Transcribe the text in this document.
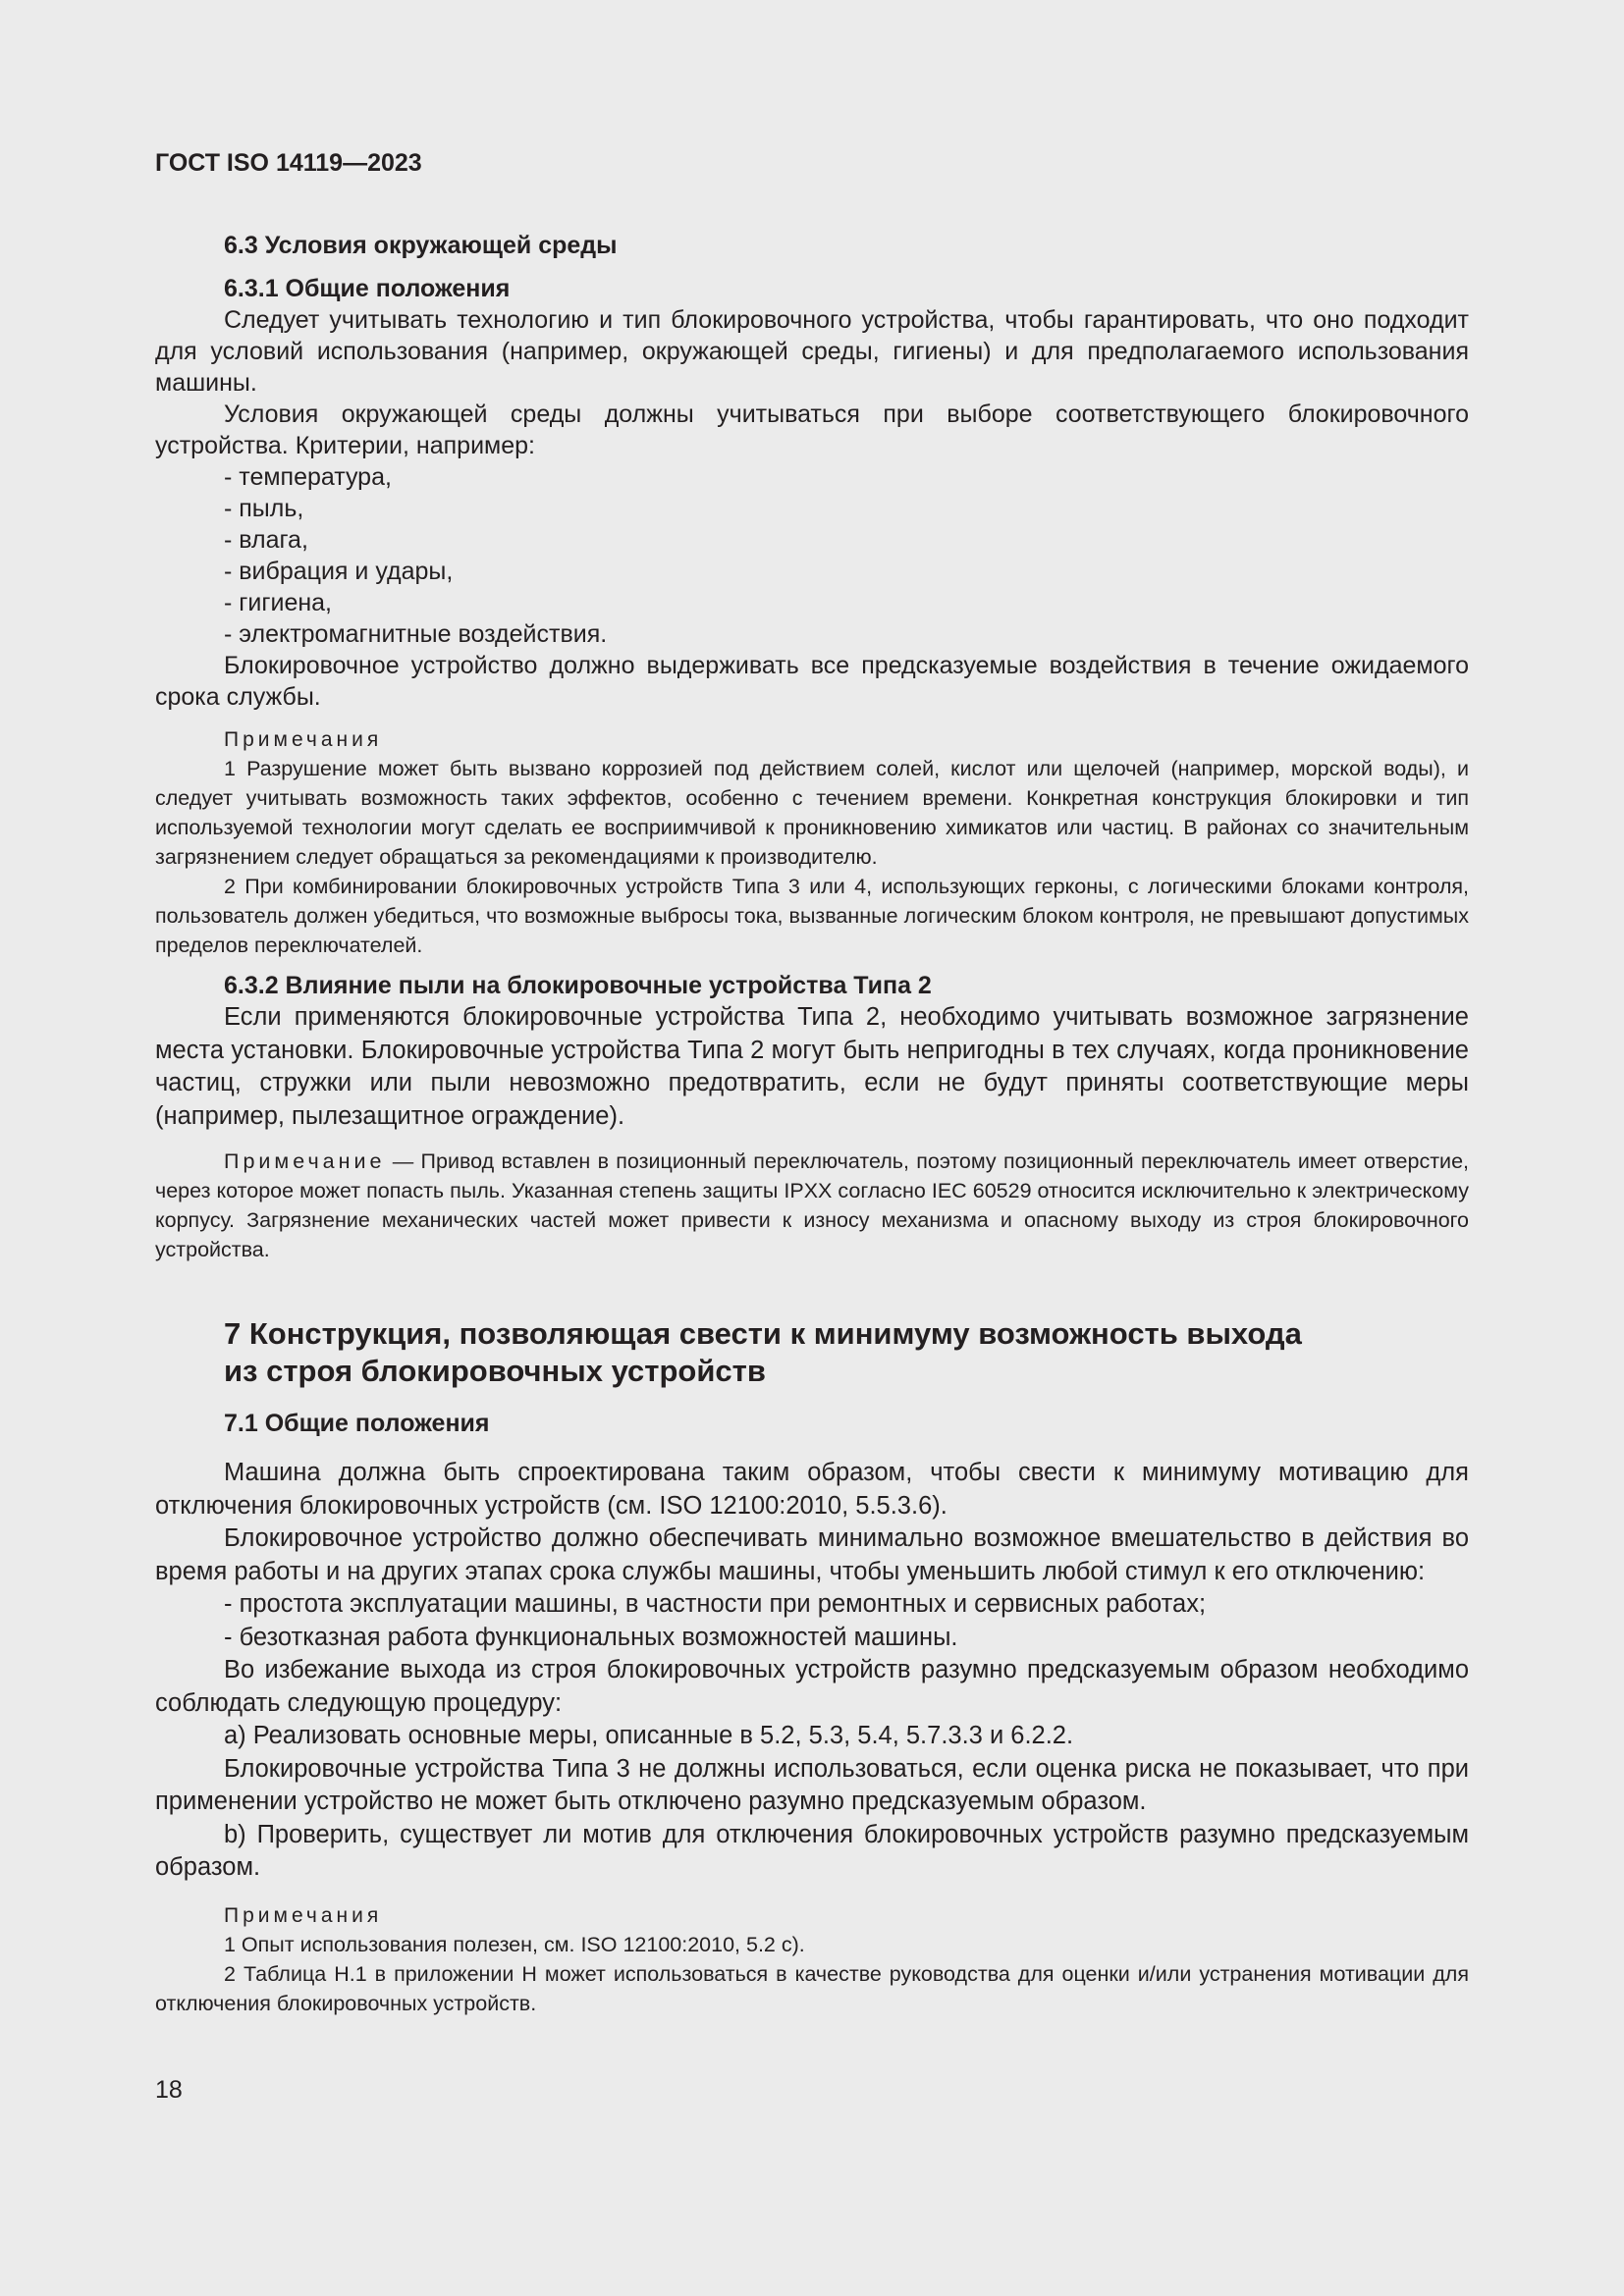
ГОСТ ISO 14119—2023
6.3 Условия окружающей среды
6.3.1 Общие положения

Следует учитывать технологию и тип блокировочного устройства, чтобы гарантировать, что оно подходит для условий использования (например, окружающей среды, гигиены) и для предполагаемого использования машины.

Условия окружающей среды должны учитываться при выборе соответствующего блокировочного устройства. Критерии, например:

- температура,

- пыль,

- влага,

- вибрация и удары,

- гигиена,

- электромагнитные воздействия.

Блокировочное устройство должно выдерживать все предсказуемые воздействия в течение ожидаемого срока службы.

Примечания

1 Разрушение может быть вызвано коррозией под действием солей, кислот или щелочей (например, морской воды), и следует учитывать возможность таких эффектов, особенно с течением времени. Конкретная конструкция блокировки и тип используемой технологии могут сделать ее восприимчивой к проникновению химикатов или частиц. В районах со значительным загрязнением следует обращаться за рекомендациями к производителю.

2 При комбинировании блокировочных устройств Типа 3 или 4, использующих герконы, с логическими блоками контроля, пользователь должен убедиться, что возможные выбросы тока, вызванные логическим блоком контроля, не превышают допустимых пределов переключателей.

6.3.2 Влияние пыли на блокировочные устройства Типа 2

Если применяются блокировочные устройства Типа 2, необходимо учитывать возможное загрязнение места установки. Блокировочные устройства Типа 2 могут быть непригодны в тех случаях, когда проникновение частиц, стружки или пыли невозможно предотвратить, если не будут приняты соответствующие меры (например, пылезащитное ограждение).

Примечание — Привод вставлен в позиционный переключатель, поэтому позиционный переключатель имеет отверстие, через которое может попасть пыль. Указанная степень защиты IPXX согласно IEC 60529 относится исключительно к электрическому корпусу. Загрязнение механических частей может привести к износу механизма и опасному выходу из строя блокировочного устройства.

7 Конструкция, позволяющая свести к минимуму возможность выхода
из строя блокировочных устройств
7.1 Общие положения

Машина должна быть спроектирована таким образом, чтобы свести к минимуму мотивацию для отключения блокировочных устройств (см. ISO 12100:2010, 5.5.3.6).

Блокировочное устройство должно обеспечивать минимально возможное вмешательство в действия во время работы и на других этапах срока службы машины, чтобы уменьшить любой стимул к его отключению:

- простота эксплуатации машины, в частности при ремонтных и сервисных работах;

- безотказная работа функциональных возможностей машины.

Во избежание выхода из строя блокировочных устройств разумно предсказуемым образом необходимо соблюдать следующую процедуру:

a) Реализовать основные меры, описанные в 5.2, 5.3, 5.4, 5.7.3.3 и 6.2.2.

Блокировочные устройства Типа 3 не должны использоваться, если оценка риска не показывает, что при применении устройство не может быть отключено разумно предсказуемым образом.

b) Проверить, существует ли мотив для отключения блокировочных устройств разумно предсказуемым образом.

Примечания

1 Опыт использования полезен, см. ISO 12100:2010, 5.2 c).

2 Таблица H.1 в приложении H может использоваться в качестве руководства для оценки и/или устранения мотивации для отключения блокировочных устройств.

18
